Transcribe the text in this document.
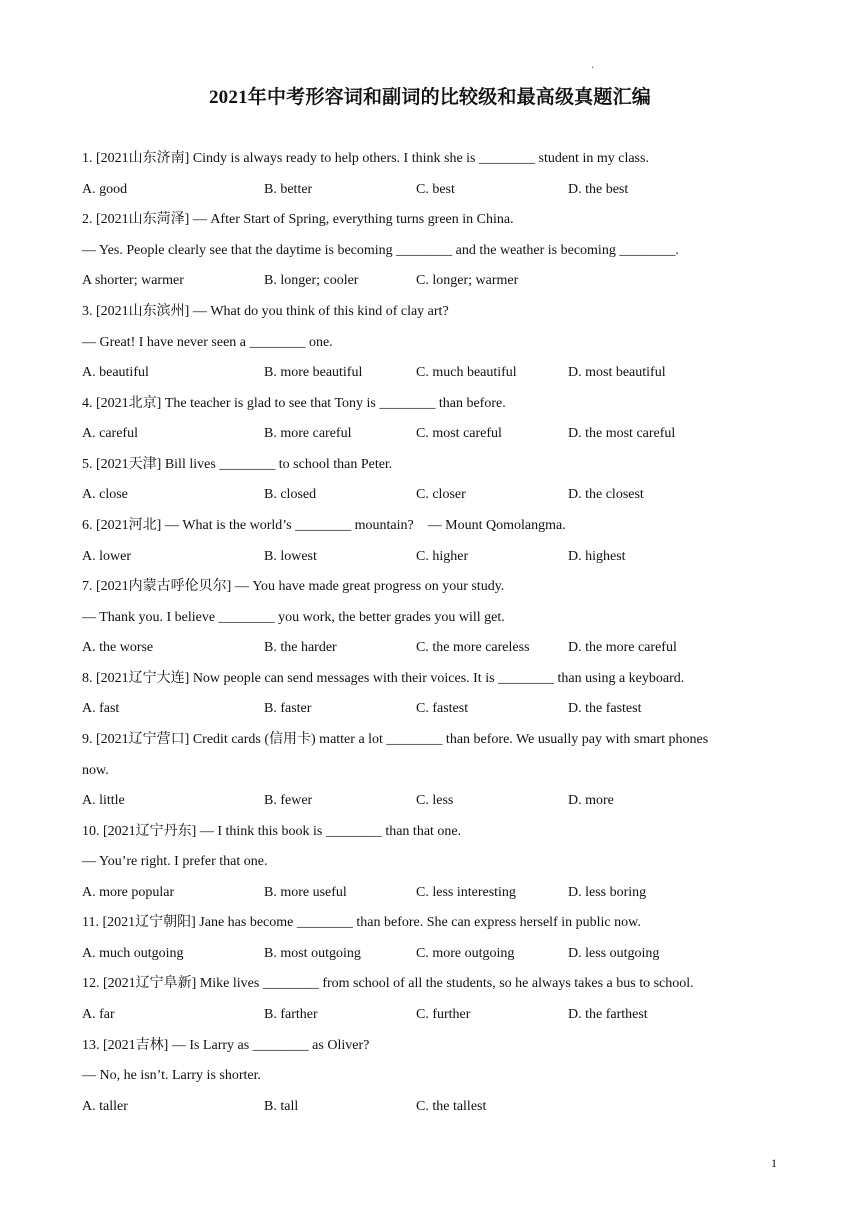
·
2021年中考形容词和副词的比较级和最高级真题汇编
1. [2021山东济南] Cindy is always ready to help others. I think she is ________ student in my class.
A. good	B. better	C. best	D. the best
2. [2021山东菏泽] — After Start of Spring, everything turns green in China.
— Yes. People clearly see that the daytime is becoming ________ and the weather is becoming ________.
A shorter; warmer	B. longer; cooler	C. longer; warmer
3. [2021山东滨州] — What do you think of this kind of clay art?
— Great! I have never seen a ________ one.
A. beautiful	B. more beautiful	C. much beautiful	D. most beautiful
4. [2021北京] The teacher is glad to see that Tony is ________ than before.
A. careful	B. more careful	C. most careful	D. the most careful
5. [2021天津] Bill lives ________ to school than Peter.
A. close	B. closed	C. closer	D. the closest
6. [2021河北] — What is the world’s ________ mountain?    — Mount Qomolangma.
A. lower	B. lowest	C. higher	D. highest
7. [2021内蒙古呼伦贝尔] — You have made great progress on your study.
— Thank you. I believe ________ you work, the better grades you will get.
A. the worse	B. the harder	C. the more careless	D. the more careful
8. [2021辽宁大连] Now people can send messages with their voices. It is ________ than using a keyboard.
A. fast	B. faster	C. fastest	D. the fastest
9. [2021辽宁营口] Credit cards (信用卡) matter a lot ________ than before. We usually pay with smart phones
now.
A. little	B. fewer	C. less	D. more
10. [2021辽宁丹东] — I think this book is ________ than that one.
— You’re right. I prefer that one.
A. more popular	B. more useful	C. less interesting	D. less boring
11. [2021辽宁朝阳] Jane has become ________ than before. She can express herself in public now.
A. much outgoing	B. most outgoing	C. more outgoing	D. less outgoing
12. [2021辽宁阜新] Mike lives ________ from school of all the students, so he always takes a bus to school.
A. far	B. farther	C. further	D. the farthest
13. [2021吉林] — Is Larry as ________ as Oliver?
— No, he isn’t. Larry is shorter.
A. taller	B. tall	C. the tallest
1
